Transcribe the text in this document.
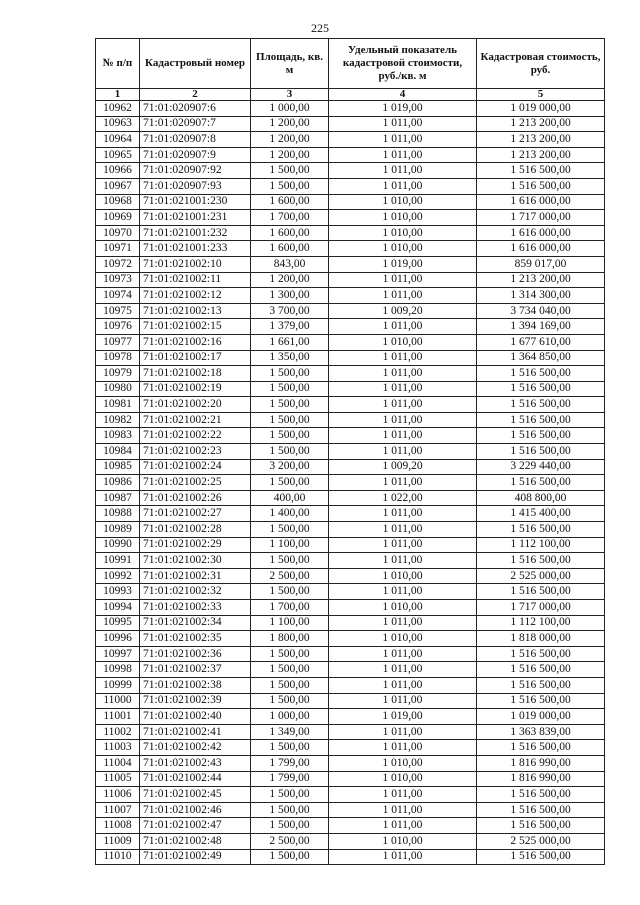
225
№ п/п	Кадастровый номер	Площадь, кв. м	Удельный показатель кадастровой стоимости, руб./кв. м	Кадастровая стоимость, руб.
1	2	3	4	5
10962	71:01:020907:6	1 000,00	1 019,00	1 019 000,00
10963	71:01:020907:7	1 200,00	1 011,00	1 213 200,00
10964	71:01:020907:8	1 200,00	1 011,00	1 213 200,00
10965	71:01:020907:9	1 200,00	1 011,00	1 213 200,00
10966	71:01:020907:92	1 500,00	1 011,00	1 516 500,00
10967	71:01:020907:93	1 500,00	1 011,00	1 516 500,00
10968	71:01:021001:230	1 600,00	1 010,00	1 616 000,00
10969	71:01:021001:231	1 700,00	1 010,00	1 717 000,00
10970	71:01:021001:232	1 600,00	1 010,00	1 616 000,00
10971	71:01:021001:233	1 600,00	1 010,00	1 616 000,00
10972	71:01:021002:10	843,00	1 019,00	859 017,00
10973	71:01:021002:11	1 200,00	1 011,00	1 213 200,00
10974	71:01:021002:12	1 300,00	1 011,00	1 314 300,00
10975	71:01:021002:13	3 700,00	1 009,20	3 734 040,00
10976	71:01:021002:15	1 379,00	1 011,00	1 394 169,00
10977	71:01:021002:16	1 661,00	1 010,00	1 677 610,00
10978	71:01:021002:17	1 350,00	1 011,00	1 364 850,00
10979	71:01:021002:18	1 500,00	1 011,00	1 516 500,00
10980	71:01:021002:19	1 500,00	1 011,00	1 516 500,00
10981	71:01:021002:20	1 500,00	1 011,00	1 516 500,00
10982	71:01:021002:21	1 500,00	1 011,00	1 516 500,00
10983	71:01:021002:22	1 500,00	1 011,00	1 516 500,00
10984	71:01:021002:23	1 500,00	1 011,00	1 516 500,00
10985	71:01:021002:24	3 200,00	1 009,20	3 229 440,00
10986	71:01:021002:25	1 500,00	1 011,00	1 516 500,00
10987	71:01:021002:26	400,00	1 022,00	408 800,00
10988	71:01:021002:27	1 400,00	1 011,00	1 415 400,00
10989	71:01:021002:28	1 500,00	1 011,00	1 516 500,00
10990	71:01:021002:29	1 100,00	1 011,00	1 112 100,00
10991	71:01:021002:30	1 500,00	1 011,00	1 516 500,00
10992	71:01:021002:31	2 500,00	1 010,00	2 525 000,00
10993	71:01:021002:32	1 500,00	1 011,00	1 516 500,00
10994	71:01:021002:33	1 700,00	1 010,00	1 717 000,00
10995	71:01:021002:34	1 100,00	1 011,00	1 112 100,00
10996	71:01:021002:35	1 800,00	1 010,00	1 818 000,00
10997	71:01:021002:36	1 500,00	1 011,00	1 516 500,00
10998	71:01:021002:37	1 500,00	1 011,00	1 516 500,00
10999	71:01:021002:38	1 500,00	1 011,00	1 516 500,00
11000	71:01:021002:39	1 500,00	1 011,00	1 516 500,00
11001	71:01:021002:40	1 000,00	1 019,00	1 019 000,00
11002	71:01:021002:41	1 349,00	1 011,00	1 363 839,00
11003	71:01:021002:42	1 500,00	1 011,00	1 516 500,00
11004	71:01:021002:43	1 799,00	1 010,00	1 816 990,00
11005	71:01:021002:44	1 799,00	1 010,00	1 816 990,00
11006	71:01:021002:45	1 500,00	1 011,00	1 516 500,00
11007	71:01:021002:46	1 500,00	1 011,00	1 516 500,00
11008	71:01:021002:47	1 500,00	1 011,00	1 516 500,00
11009	71:01:021002:48	2 500,00	1 010,00	2 525 000,00
11010	71:01:021002:49	1 500,00	1 011,00	1 516 500,00
